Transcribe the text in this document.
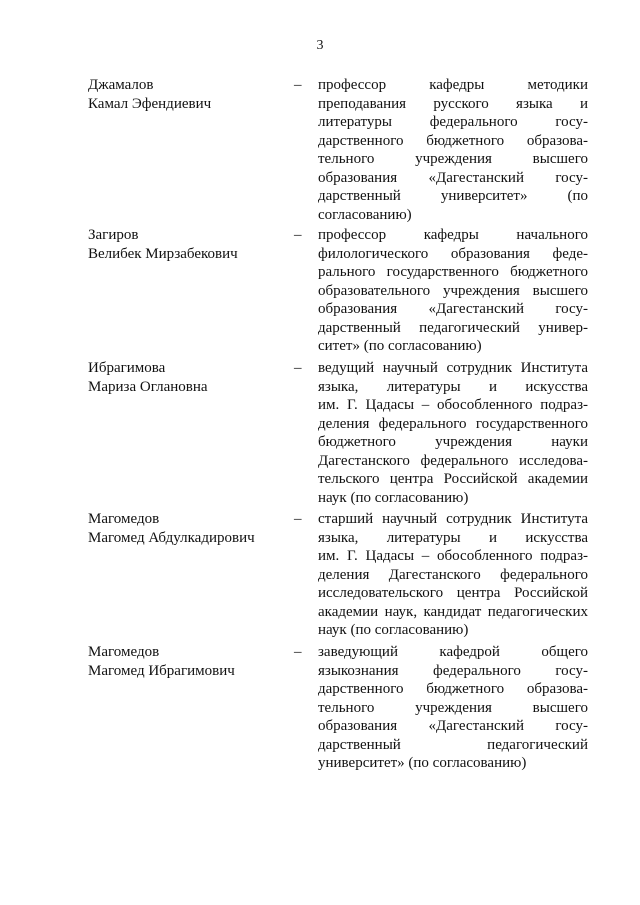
3
Джамалов
Камал Эфендиевич
– профессор кафедры методики
преподавания русского языка и
литературы федерального госу-
дарственного бюджетного образова-
тельного учреждения высшего
образования «Дагестанский госу-
дарственный университет» (по
согласованию)
Загиров
Велибек Мирзабекович
– профессор кафедры начального
филологического образования феде-
рального государственного бюджетного
образовательного учреждения высшего
образования «Дагестанский госу-
дарственный педагогический универ-
ситет» (по согласованию)
Ибрагимова
Мариза Оглановна
– ведущий научный сотрудник Института
языка, литературы и искусства
им. Г. Цадасы – обособленного подраз-
деления федерального государственного
бюджетного учреждения науки
Дагестанского федерального исследова-
тельского центра Российской академии
наук (по согласованию)
Магомедов
Магомед Абдулкадирович
– старший научный сотрудник Института
языка, литературы и искусства
им. Г. Цадасы – обособленного подраз-
деления Дагестанского федерального
исследовательского центра Российской
академии наук, кандидат педагогических
наук (по согласованию)
Магомедов
Магомед Ибрагимович
– заведующий кафедрой общего
языкознания федерального госу-
дарственного бюджетного образова-
тельного учреждения высшего
образования «Дагестанский госу-
дарственный педагогический
университет» (по согласованию)
